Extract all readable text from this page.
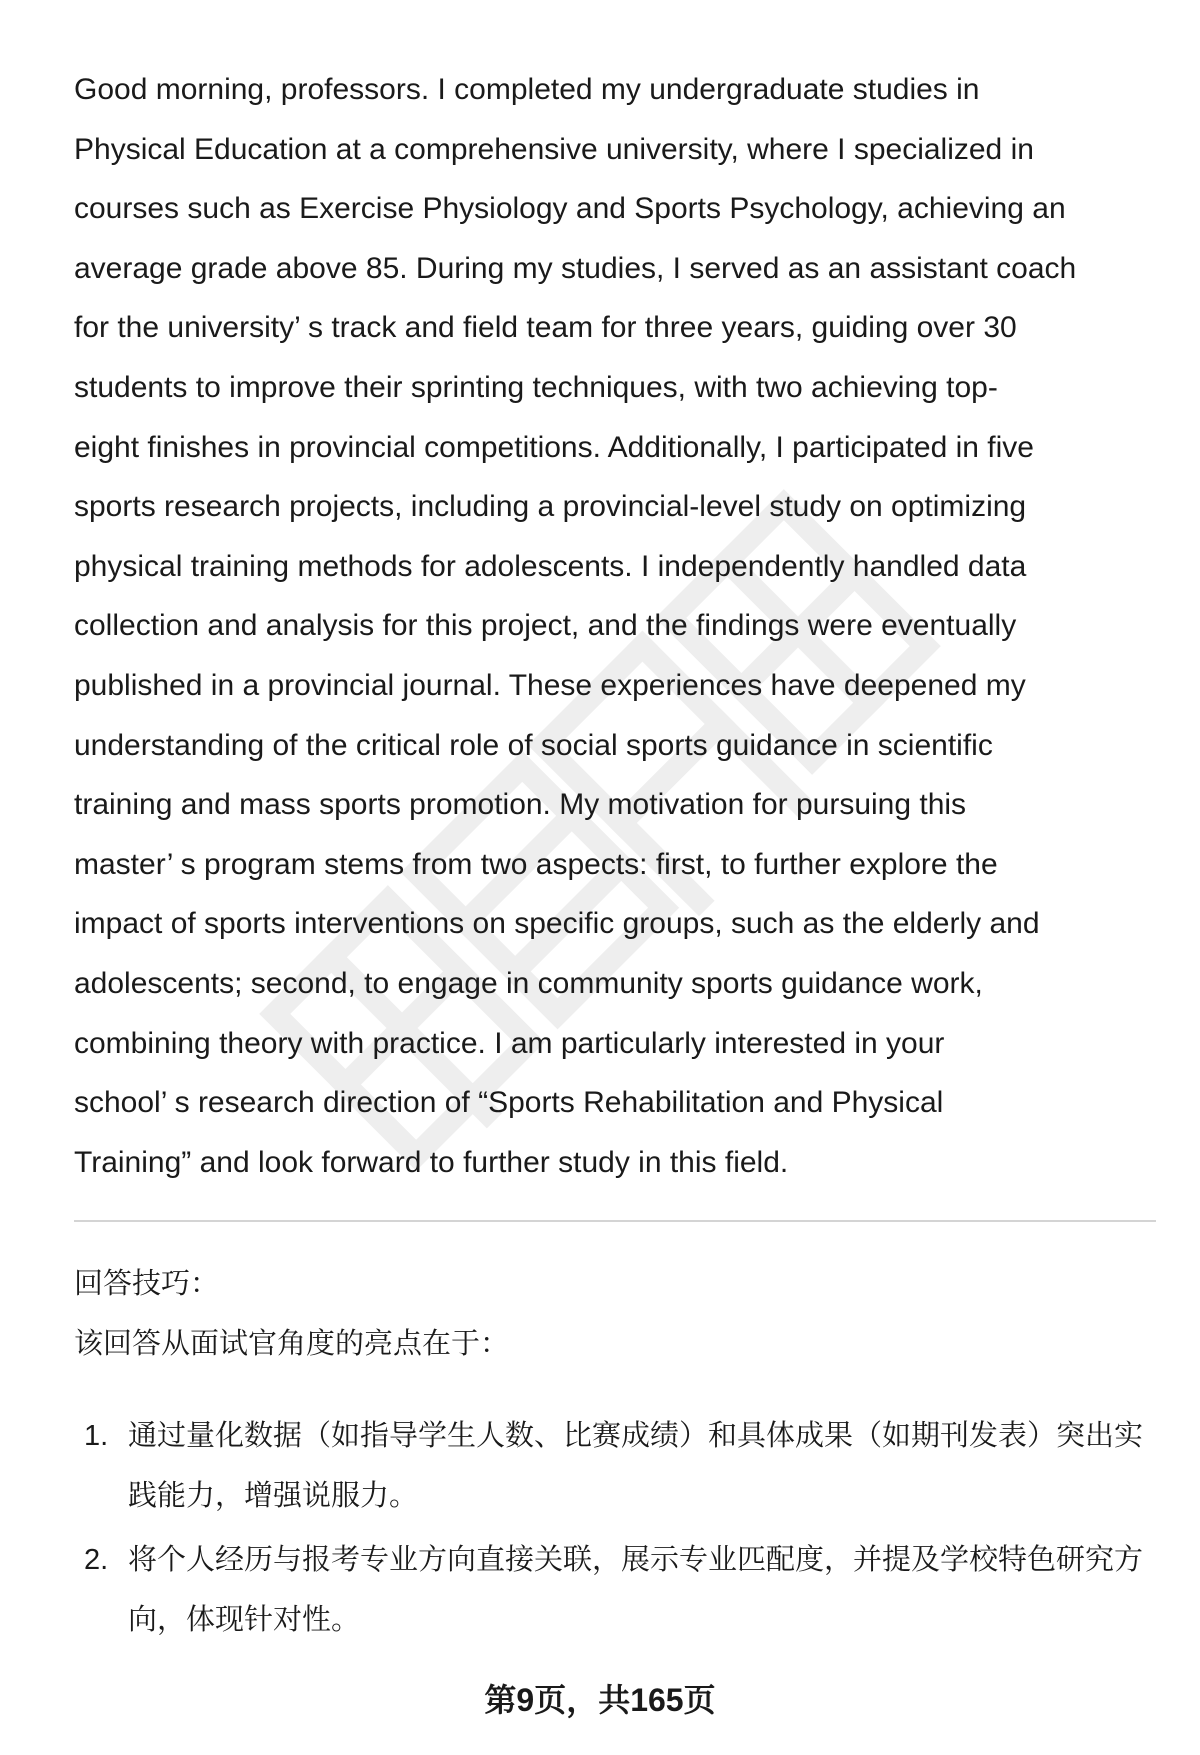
Good morning, professors. I completed my undergraduate studies in
Physical Education at a comprehensive university, where I specialized in
courses such as Exercise Physiology and Sports Psychology, achieving an
average grade above 85. During my studies, I served as an assistant coach
for the university’ s track and field team for three years, guiding over 30
students to improve their sprinting techniques, with two achieving top-
eight finishes in provincial competitions. Additionally, I participated in five
sports research projects, including a provincial-level study on optimizing
physical training methods for adolescents. I independently handled data
collection and analysis for this project, and the findings were eventually
published in a provincial journal. These experiences have deepened my
understanding of the critical role of social sports guidance in scientific
training and mass sports promotion. My motivation for pursuing this
master’ s program stems from two aspects: first, to further explore the
impact of sports interventions on specific groups, such as the elderly and
adolescents; second, to engage in community sports guidance work,
combining theory with practice. I am particularly interested in your
school’ s research direction of “Sports Rehabilitation and Physical
Training” and look forward to further study in this field.

回答技巧：

该回答从面试官角度的亮点在于：

1. 通过量化数据（如指导学生人数、比赛成绩）和具体成果（如期刊发表）突出实践能力，增强说服力。
2. 将个人经历与报考专业方向直接关联，展示专业匹配度，并提及学校特色研究方向，体现针对性。
第9页，共165页
